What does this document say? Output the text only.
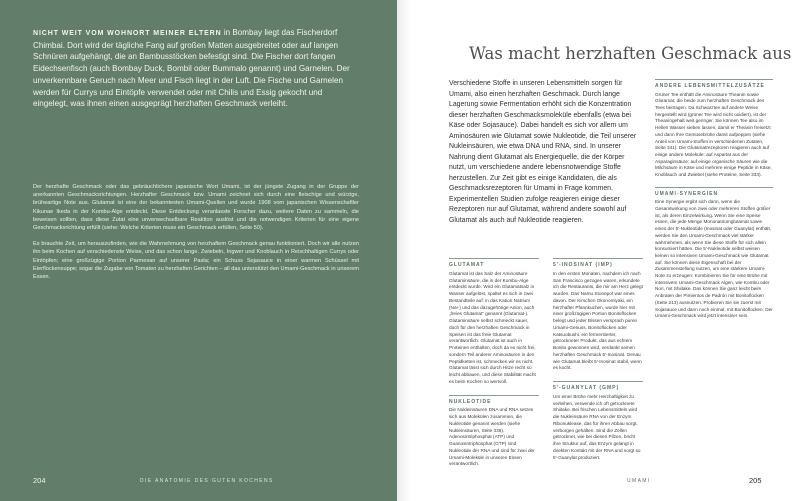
NICHT WEIT VOM WOHNORT MEINER ELTERN in Bombay liegt das Fischerdorf Chimbai. Dort wird der tägliche Fang auf großen Matten ausgebreitet oder auf langen Schnüren aufgehängt, die an Bambusstöcken befestigt sind. Die Fischer dort fangen Eidechsenfisch (auch Bombay Duck, Bombil oder Bummalo genannt) und Garnelen. Der unverkennbare Geruch nach Meer und Fisch liegt in der Luft. Die Fische und Garnelen werden für Currys und Eintöpfe verwendet oder mit Chilis und Essig gekocht und eingelegt, was ihnen einen ausgeprägt herzhaften Geschmack verleiht.

Der herzhafte Geschmack oder das gebräuchlichere japanische Wort Umami, ist der jüngste Zugang in der Gruppe der anerkannten Geschmacksrichtungen. Herzhafter Geschmack bzw. Umami zeichnet sich durch eine fleischige und würzige, brüheartige Note aus. Glutamat ist eine der bekanntesten Umami-Quellen und wurde 1908 vom japanischen Wissenschaftler Kikunae Ikeda in der Kombu-Alge entdeckt. Diese Entdeckung veranlasste Forscher dazu, weitere Daten zu sammeln, die beweisen sollten, dass diese Zutat eine unverwechselbare Reaktion auslöst und die notwendigen Kriterien für eine eigene Geschmacksrichtung erfüllt (siehe: Welche Kriterien muss ein Geschmack erfüllen, Seite 50).

Es brauchte Zeit, um herauszufinden, wie die Wahrnehmung von herzhaftem Geschmack genau funktioniert. Doch wir alle nutzen ihn beim Kochen auf verschiedenste Weise, und das schon lange. Zwiebeln, Ingwer und Knoblauch in Reischhaltigen Currys oder Eintöpfen; eine großzügige Portion Parmesan auf unserer Pasta; ein Schuss Sojasauce in einer warmen Schüssel mit Eierflockensuppe; sogar die Zugabe von Tomaten zu herzhaften Gerichten – all das unterstützt den Umami-Geschmack in unserem Essen.

204	DIE ANATOMIE DES GUTEN KOCHENS
Was macht herzhaften Geschmack aus
Verschiedene Stoffe in unseren Lebensmitteln sorgen für Umami, also einen herzhaften Geschmack. Durch lange Lagerung sowie Fermentation erhöht sich die Konzentration dieser herzhaften Geschmacksmoleküle ebenfalls (etwa bei Käse oder Sojasauce). Dabei handelt es sich vor allem um Aminosäuren wie Glutamat sowie Nukleotide, die Teil unserer Nukleinsäuren, wie etwa DNA und RNA, sind. In unserer Nahrung dient Glutamat als Energiequelle, die der Körper nutzt, um verschiedene andere lebensnotwendige Stoffe herzustellen. Zur Zeit gibt es einige Kandidaten, die als Geschmacksrezeptoren für Umami in Frage kommen. Experimentellen Studien zufolge reagieren einige dieser Rezeptoren nur auf Glutamat, während andere sowohl auf Glutamat als auch auf Nukleotide reagieren.
ANDERE LEBENSMITTELZUSÄTZE
Grüner Tee enthält die Aminosäure Theanin sowie Glutamat, die beide zum herzhaften Geschmack des Tees beitragen. Da Schwarztee auf andere Weise hergestellt wird (grüner Tee wird nicht oxidiert), ist der Theaningehalt weit geringer. Sie können Tee also im Hellen Wasser sieben lassen, damit er Theanin freisetzt und dann Ihre Gemüsebrühe damit aufpeppen (siehe Anteil von Umami-Stoffen in verschiedenen Zutaten, Seite 341). Die Glutamatrezeptoren reagieren auch auf einige andere Moleküle: auf Aspartat aus der Asparaginsäure; auf einige organische Säuren wie die Milchsäure in Käse und mehrere einige Peptide in Käse, Knoblauch und Zwiebel (siehe Proteine, Seite 333).
UMAMI-SYNERGIEN
Eine Synergie ergibt sich dann, wenn die Gesamtwirkung von zwei oder mehreren Stoffen größer ist, als deren Einzelwirkung. Wenn Sie eine Speise essen, die jede Menge Mononatriumglutamat sowie eines der 5'-Nukleotide (Inosinat oder Guanylat) enthält, werden Sie den Umami-Geschmack viel stärker wahrnehmen, als wenn Sie diese Stoffe für sich allein konsumiert hätten. Die 5'-Nukleotide selbst weisen keinen so intensiven Umami-Geschmack wie Glutamat auf. Sie können diese Eigenschaft bei der Zusammenstellung nutzen, um eine stärkere Umami-Note zu erzeugen: Kombinieren Sie für eine Brühe mit intensivem Umami-Geschmack Algen, wie Kombu oder Nori, mit Shiitake. Das können Sie ganz leicht beim Anbraten der Pimientos de Padrón mit Bonitoflocken (Seite 213) ausnutzen. Probieren Sie sie zuerst mit Sojasauce und dann noch einmal, mit Bonitoflocken: Der Umami-Geschmack wird jetzt intensiver sein.
GLUTAMAT

Glutamat ist das Salz der Aminosäure Glutaminsäure, die in der Kombu-Alge entdeckt wurde. Wird ein Glutamatsalz in Wasser aufgelöst, spaltet es sich in zwei Bestandteile auf: in das Kation Natrium (Na+) und das dazugehörige Anion, auch „freies Glutamat“ genannt (Glutamat-). Glutaminsäure selbst schmeckt sauer, doch für den herzhaften Geschmack in Speisen ist das freie Glutamat verantwortlich. Glutamat ist auch in Proteinen enthalten, doch da es nicht frei, sondern Teil anderer Aminosäuren in den Peptidketten ist, schmecken wir es nicht. Glutamat lässt sich durch Hitze recht so leicht abbauen, und diese Stabilität macht es beim Kochen so wertvoll.

NUKLEOTIDE

Die Nukleinsäuren DNA und RNA setzen sich aus Molekülen zusammen, die Nukleotide genannt werden (siehe Nukleinsäuren, Seite 336). Adenosintriphosphat (ATP) und Guanosintriphosphat (GTP) sind Nukleotide der RNA und sind für zwei der Umami-Moleküle in unseren Essen verantwortlich.

5'-INOSINAT (IMP)

In den ersten Monaten, nachdem ich nach San Francisco gezogen waren, erkundete ich die Restaurants, die mir am Herz gelegt wurden. Das Namu Stonepot war eines davon. Der Kirschen Okonomiyaki, ein herzhafter Pfannkuchen, wurde hier mit einer großzügigen Portion Bonitoflocken belegt und jeder Bissen versprach puren Umami-Genuss. Bonitoflocken oder Katsuobushi, ein fermentierter, getrockneter Produkt, das aus echtem Bonito gewonnen wird, verdankt seinen herzhaften Geschmack 5'-Inosinat. Genau wie Glutamat bleibt 5'-Inosinat stabil, wenn es kocht.

5'-GUANYLAT (GMP)

Um einer Brühe mehr Herzhaftigkeit zu verleihen, verwende ich oft getrocknete Shiitake. Bei frischen Lebensmitteln wird die Nukleinsäure RNA von der Enzym Ribonuklease, das für ihren Abbau sorgt, verborgen gehalten. Sind die Zellen getrocknet, wie bei diesen Pilzen, bricht ihre Struktur auf, das Enzym gelangt in direkten Kontakt mit der RNA und sorgt so 5'-Guanylat produziert.

UMAMI	205
